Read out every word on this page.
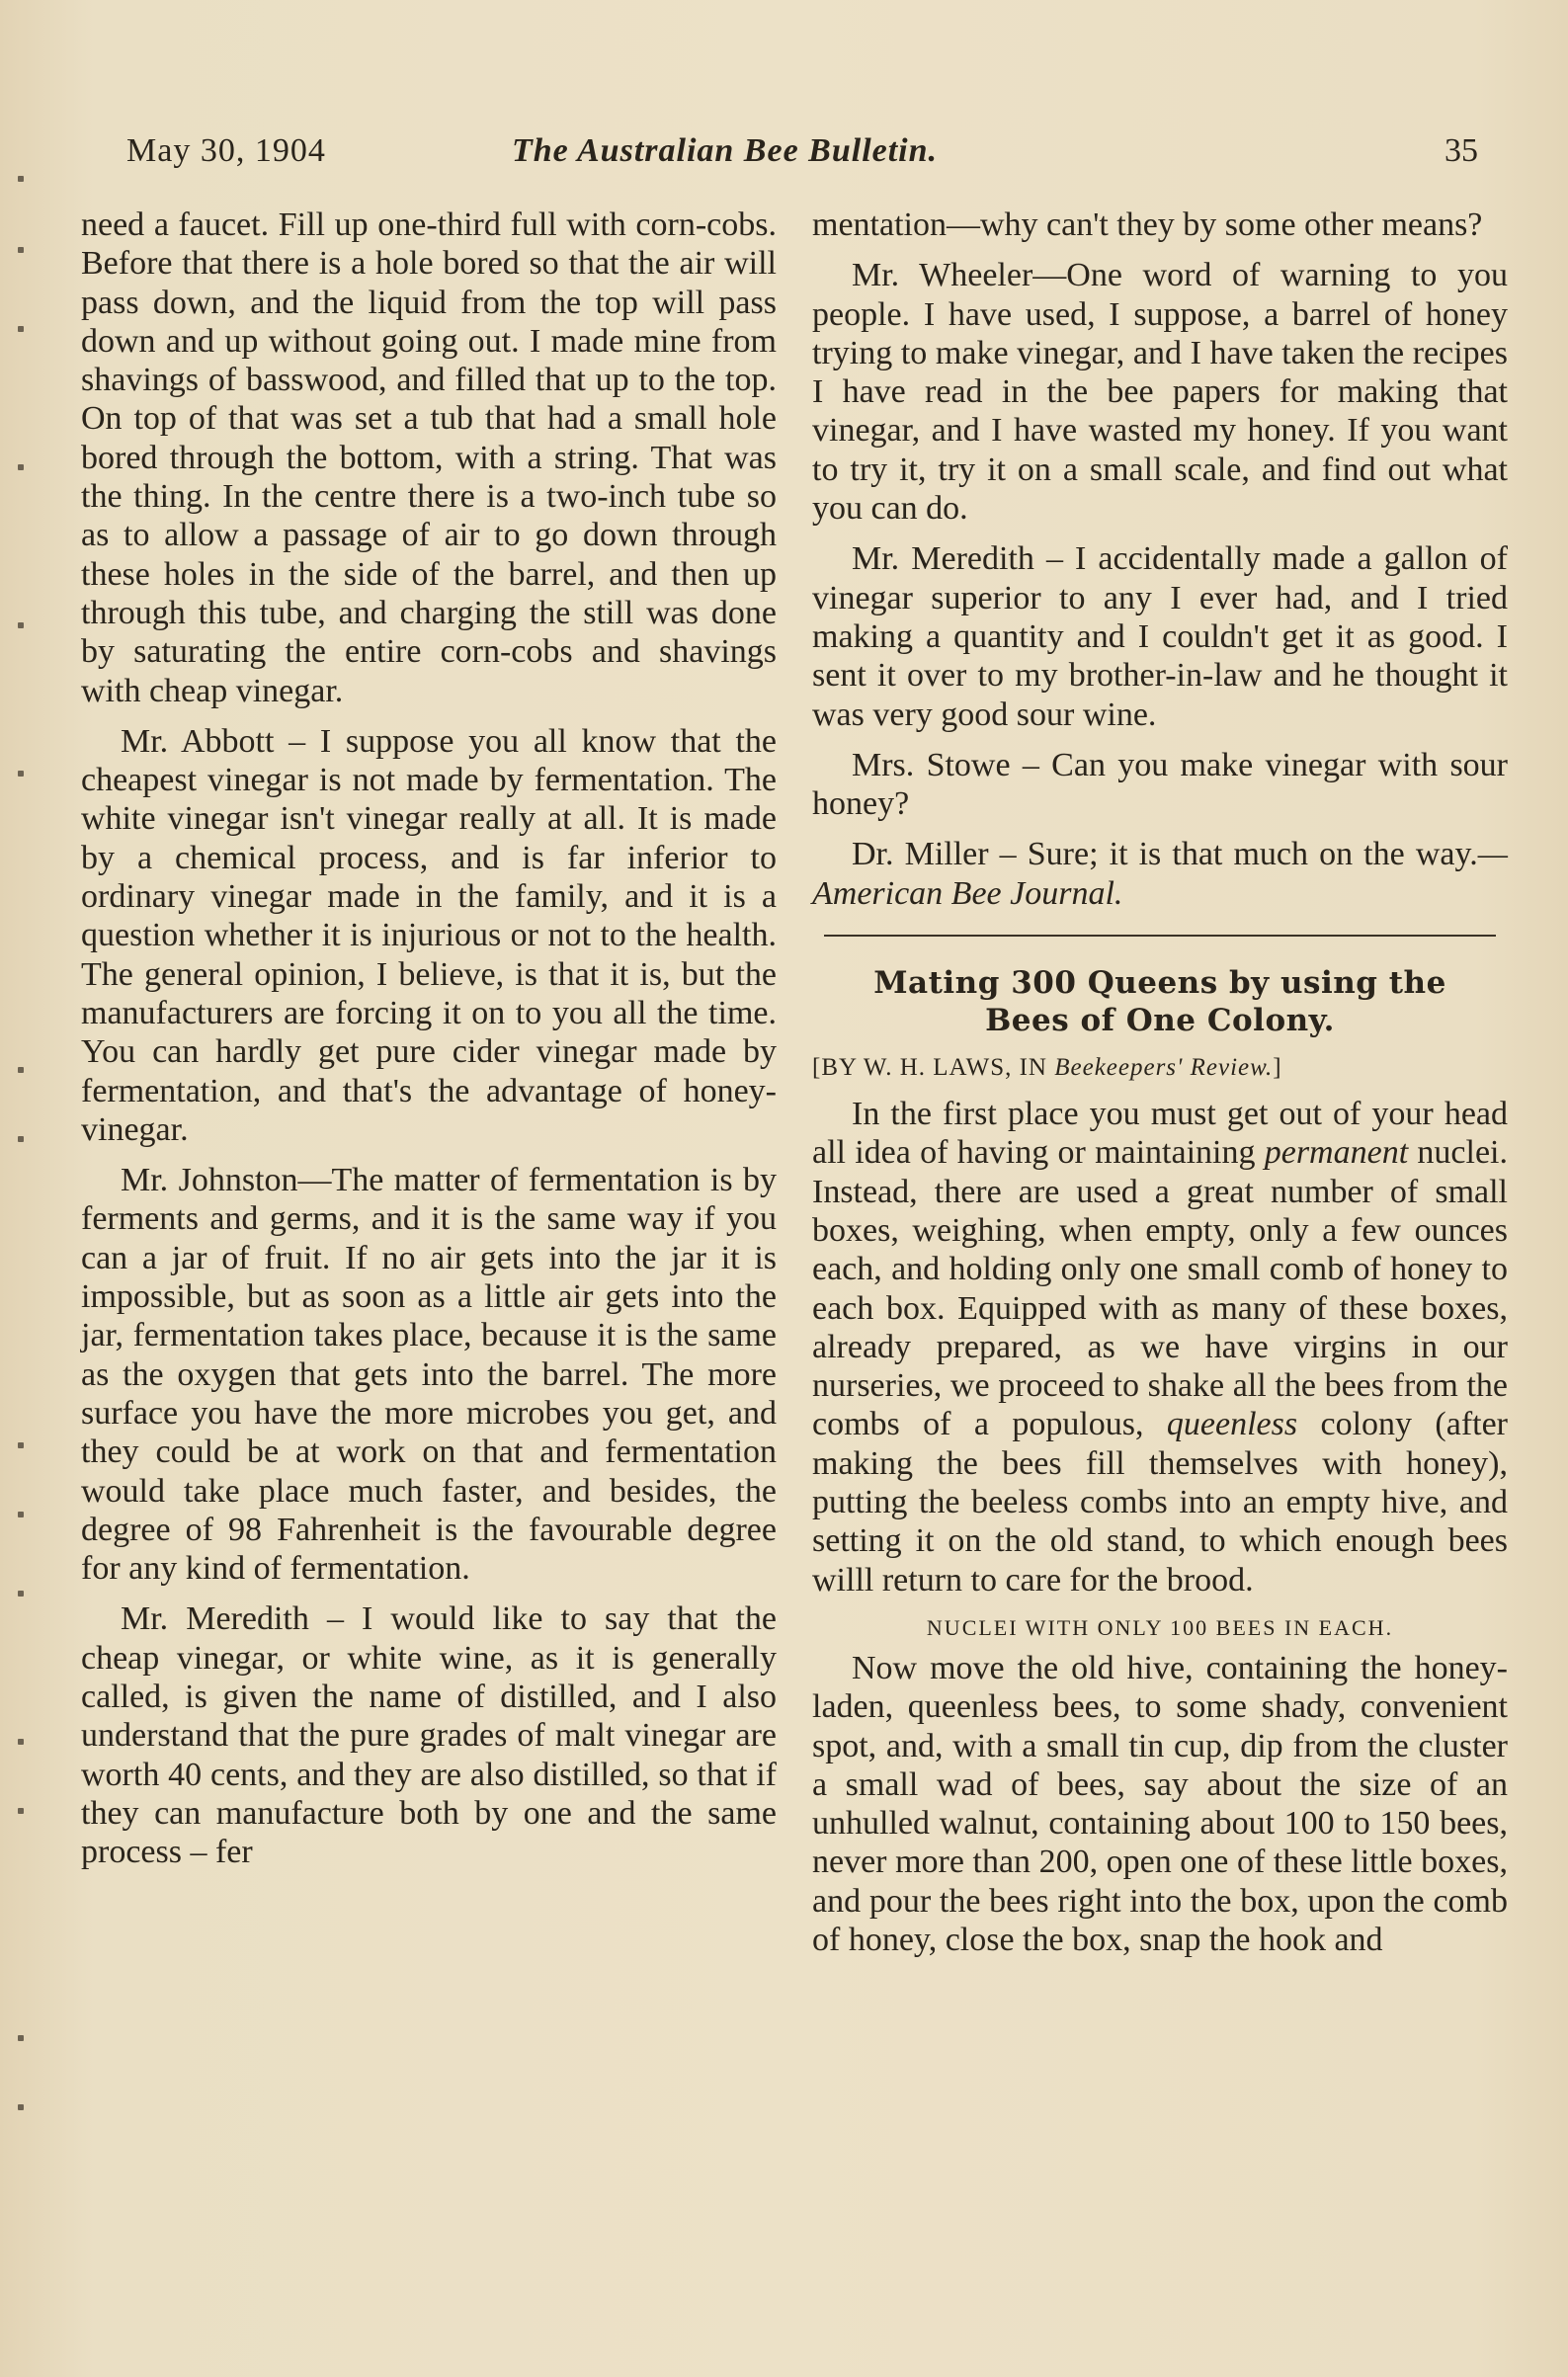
May 30, 1904	The Australian Bee Bulletin.	35

need a faucet. Fill up one-third full with corn-cobs. Before that there is a hole bored so that the air will pass down, and the liquid from the top will pass down and up without going out. I made mine from shavings of basswood, and filled that up to the top. On top of that was set a tub that had a small hole bored through the bottom, with a string. That was the thing. In the centre there is a two-inch tube so as to allow a passage of air to go down through these holes in the side of the barrel, and then up through this tube, and charging the still was done by saturating the entire corn-cobs and shavings with cheap vinegar.

Mr. Abbott – I suppose you all know that the cheapest vinegar is not made by fermentation. The white vinegar isn't vinegar really at all. It is made by a chemical process, and is far inferior to ordinary vinegar made in the family, and it is a question whether it is injurious or not to the health. The general opinion, I believe, is that it is, but the manufacturers are forcing it on to you all the time. You can hardly get pure cider vinegar made by fermentation, and that's the advantage of honey-vinegar.

Mr. Johnston—The matter of fermentation is by ferments and germs, and it is the same way if you can a jar of fruit. If no air gets into the jar it is impossible, but as soon as a little air gets into the jar, fermentation takes place, because it is the same as the oxygen that gets into the barrel. The more surface you have the more microbes you get, and they could be at work on that and fermentation would take place much faster, and besides, the degree of 98 Fahrenheit is the favourable degree for any kind of fermentation.

Mr. Meredith – I would like to say that the cheap vinegar, or white wine, as it is generally called, is given the name of distilled, and I also understand that the pure grades of malt vinegar are worth 40 cents, and they are also distilled, so that if they can manufacture both by one and the same process – fer

mentation—why can't they by some other means?

Mr. Wheeler—One word of warning to you people. I have used, I suppose, a barrel of honey trying to make vinegar, and I have taken the recipes I have read in the bee papers for making that vinegar, and I have wasted my honey. If you want to try it, try it on a small scale, and find out what you can do.

Mr. Meredith – I accidentally made a gallon of vinegar superior to any I ever had, and I tried making a quantity and I couldn't get it as good. I sent it over to my brother-in-law and he thought it was very good sour wine.

Mrs. Stowe – Can you make vinegar with sour honey?

Dr. Miller – Sure; it is that much on the way.— American Bee Journal.

Mating 300 Queens by using the
Bees of One Colony.
[BY W. H. LAWS, IN Beekeepers' Review.]

In the first place you must get out of your head all idea of having or maintaining permanent nuclei. Instead, there are used a great number of small boxes, weighing, when empty, only a few ounces each, and holding only one small comb of honey to each box. Equipped with as many of these boxes, already prepared, as we have virgins in our nurseries, we proceed to shake all the bees from the combs of a populous, queenless colony (after making the bees fill themselves with honey), putting the beeless combs into an empty hive, and setting it on the old stand, to which enough bees willl return to care for the brood.

NUCLEI WITH ONLY 100 BEES IN EACH.

Now move the old hive, containing the honey-laden, queenless bees, to some shady, convenient spot, and, with a small tin cup, dip from the cluster a small wad of bees, say about the size of an unhulled walnut, containing about 100 to 150 bees, never more than 200, open one of these little boxes, and pour the bees right into the box, upon the comb of honey, close the box, snap the hook and
